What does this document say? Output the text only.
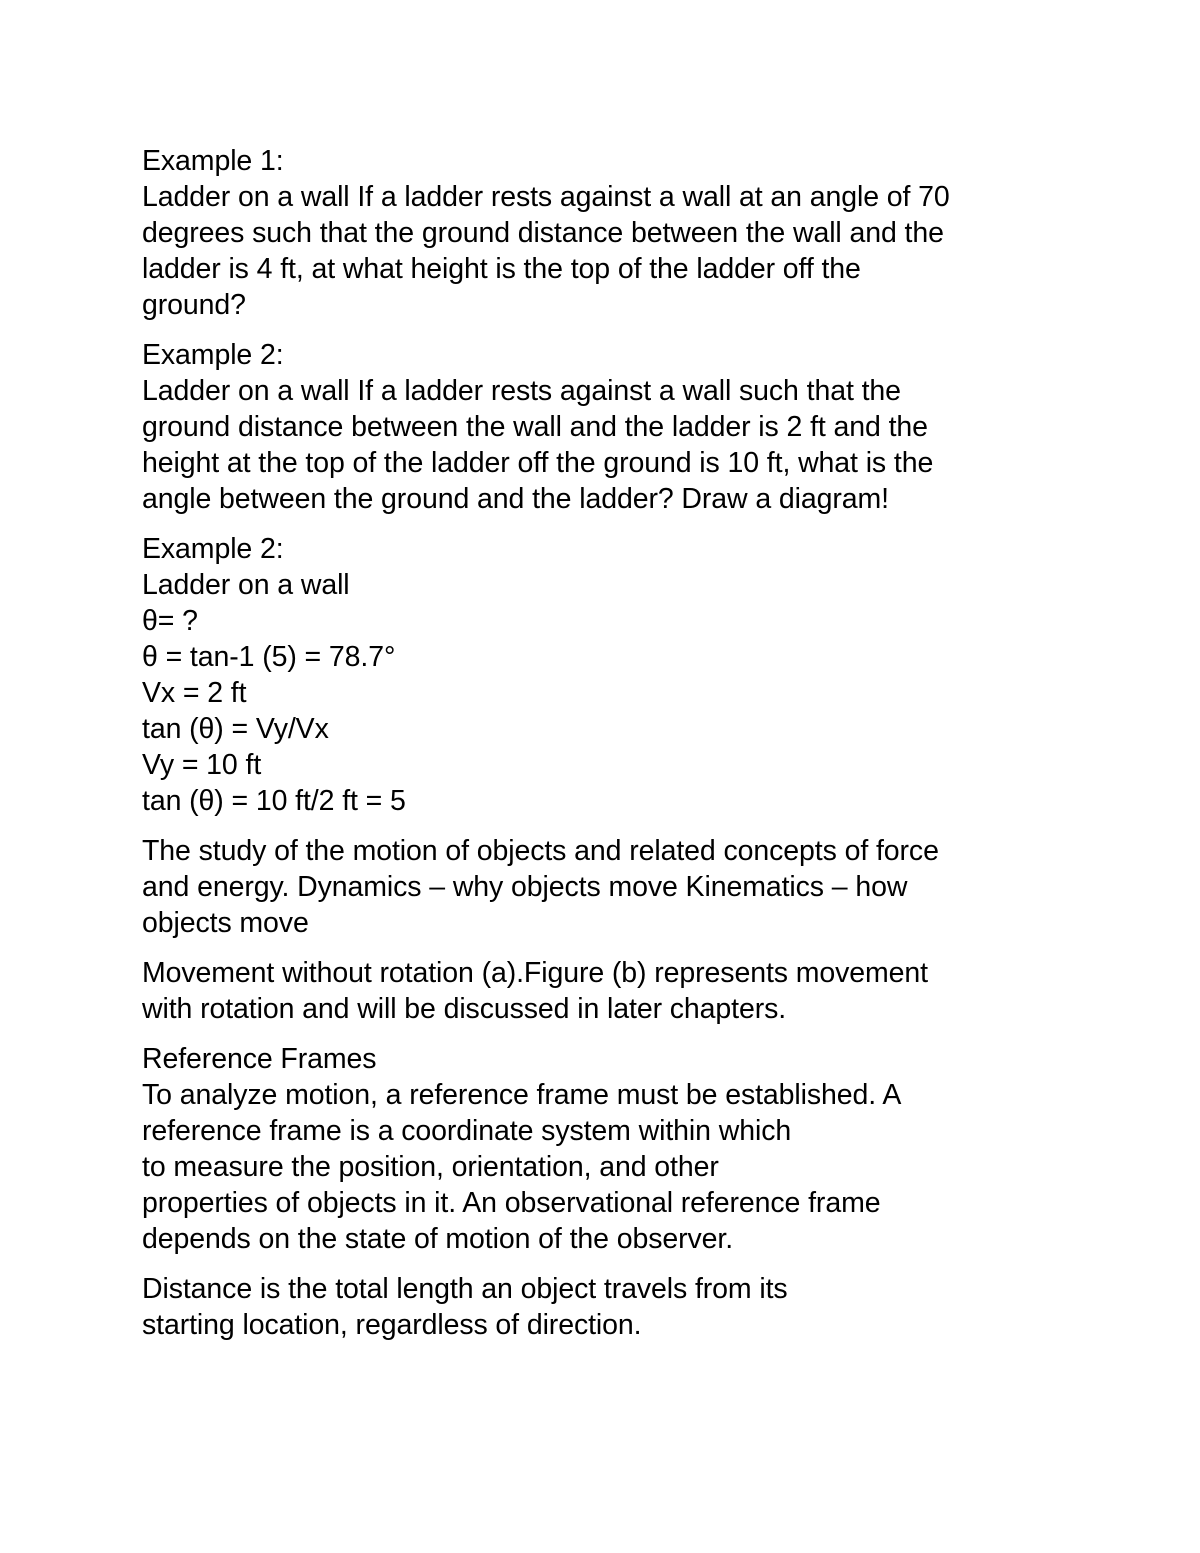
Example 1:
Ladder on a wall If a ladder rests against a wall at an angle of 70
degrees such that the ground distance between the wall and the
ladder is 4 ft, at what height is the top of the ladder off the
ground?
Example 2:
Ladder on a wall If a ladder rests against a wall such that the
ground distance between the wall and the ladder is 2 ft and the
height at the top of the ladder off the ground is 10 ft, what is the
angle between the ground and the ladder? Draw a diagram!
Example 2:
Ladder on a wall
θ= ?
θ = tan-1 (5) = 78.7°
Vx = 2 ft
tan (θ) = Vy/Vx
Vy = 10 ft
tan (θ) = 10 ft/2 ft = 5
The study of the motion of objects and related concepts of force
and energy. Dynamics – why objects move Kinematics – how
objects move
Movement without rotation (a).Figure (b) represents movement
with rotation and will be discussed in later chapters.
Reference Frames
To analyze motion, a reference frame must be established. A
reference frame is a coordinate system within which
to measure the position, orientation, and other
properties of objects in it. An observational reference frame
depends on the state of motion of the observer.
Distance is the total length an object travels from its
starting location, regardless of direction.
